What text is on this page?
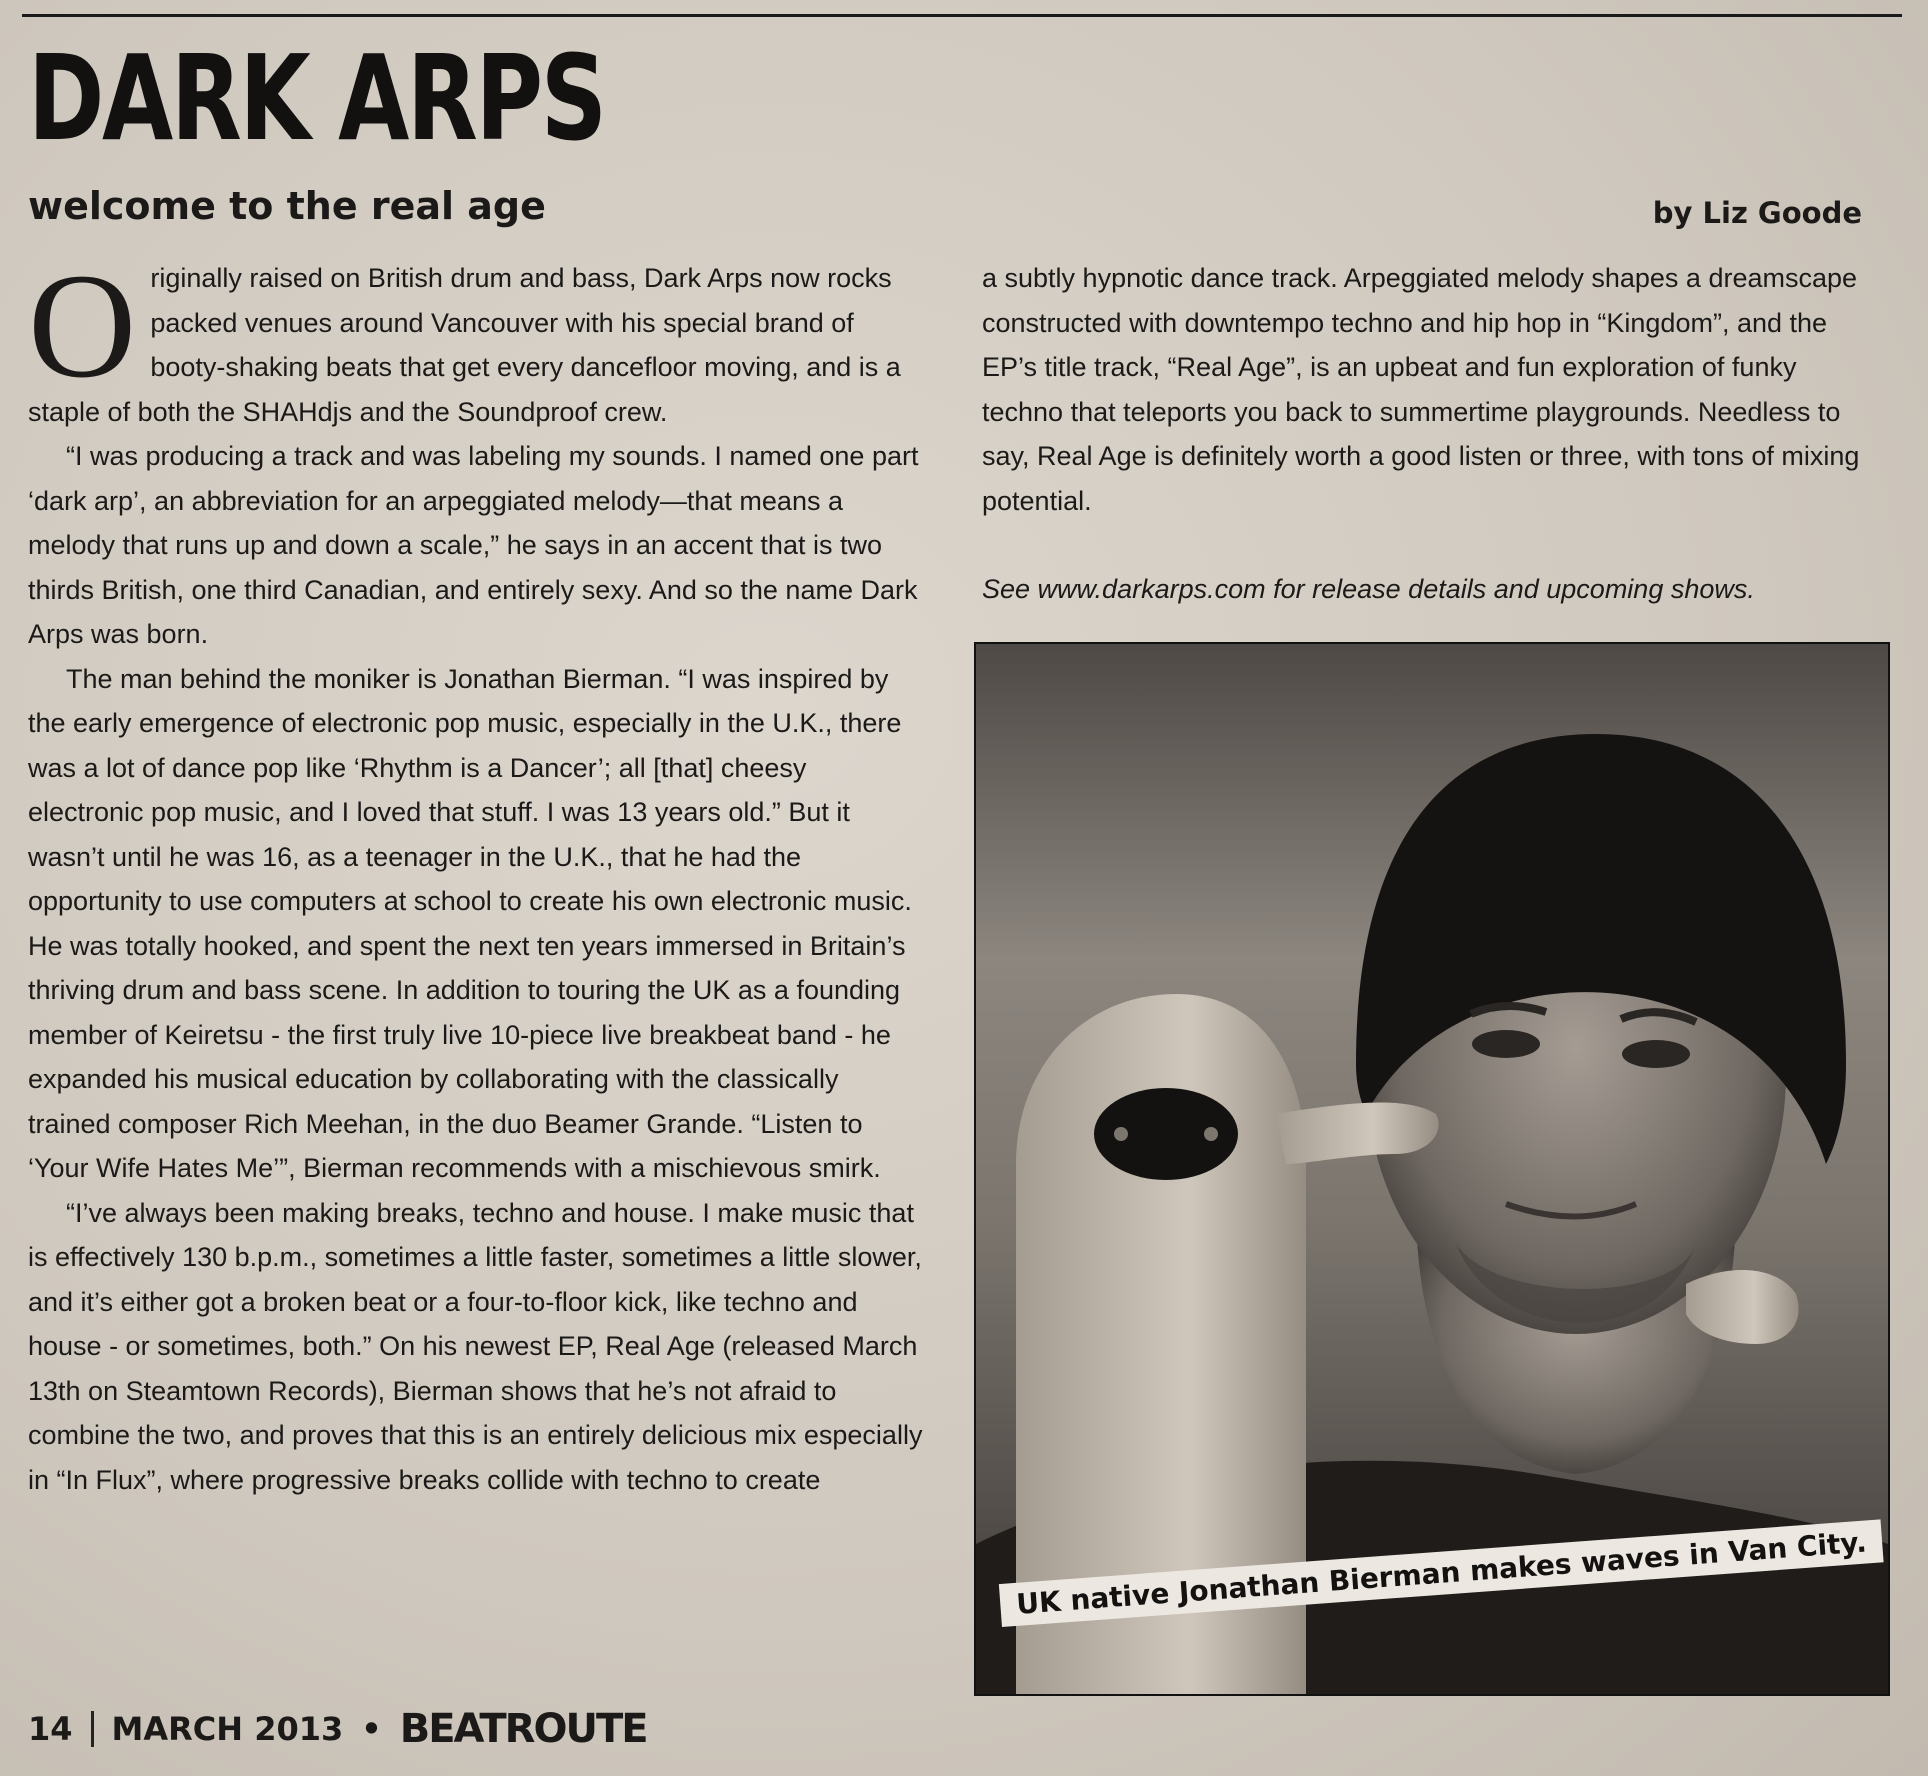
DARK ARPS
welcome to the real age	by Liz Goode

Originally raised on British drum and bass, Dark Arps now rocks packed venues around Vancouver with his special brand of booty-shaking beats that get every dancefloor moving, and is a staple of both the SHAHdjs and the Soundproof crew.

“I was producing a track and was labeling my sounds. I named one part ‘dark arp’, an abbreviation for an arpeggiated melody—that means a melody that runs up and down a scale,” he says in an accent that is two thirds British, one third Canadian, and entirely sexy. And so the name Dark Arps was born.

The man behind the moniker is Jonathan Bierman. “I was inspired by the early emergence of electronic pop music, especially in the U.K., there was a lot of dance pop like ‘Rhythm is a Dancer’; all [that] cheesy electronic pop music, and I loved that stuff. I was 13 years old.” But it wasn’t until he was 16, as a teenager in the U.K., that he had the opportunity to use computers at school to create his own electronic music. He was totally hooked, and spent the next ten years immersed in Britain’s thriving drum and bass scene. In addition to touring the UK as a founding member of Keiretsu - the first truly live 10-piece live breakbeat band - he expanded his musical education by collaborating with the classically trained composer Rich Meehan, in the duo Beamer Grande. “Listen to ‘Your Wife Hates Me’”, Bierman recommends with a mischievous smirk.

“I’ve always been making breaks, techno and house. I make music that is effectively 130 b.p.m., sometimes a little faster, sometimes a little slower, and it’s either got a broken beat or a four-to-floor kick, like techno and house - or sometimes, both.” On his newest EP, Real Age (released March 13th on Steamtown Records), Bierman shows that he’s not afraid to combine the two, and proves that this is an entirely delicious mix especially in “In Flux”, where progressive breaks collide with techno to create

a subtly hypnotic dance track. Arpeggiated melody shapes a dreamscape constructed with downtempo techno and hip hop in “Kingdom”, and the EP’s title track, “Real Age”, is an upbeat and fun exploration of funky techno that teleports you back to summertime playgrounds. Needless to say, Real Age is definitely worth a good listen or three, with tons of mixing potential.

See www.darkarps.com for release details and upcoming shows.

UK native Jonathan Bierman makes waves in Van City.
14 MARCH 2013 • BEATROUTE
